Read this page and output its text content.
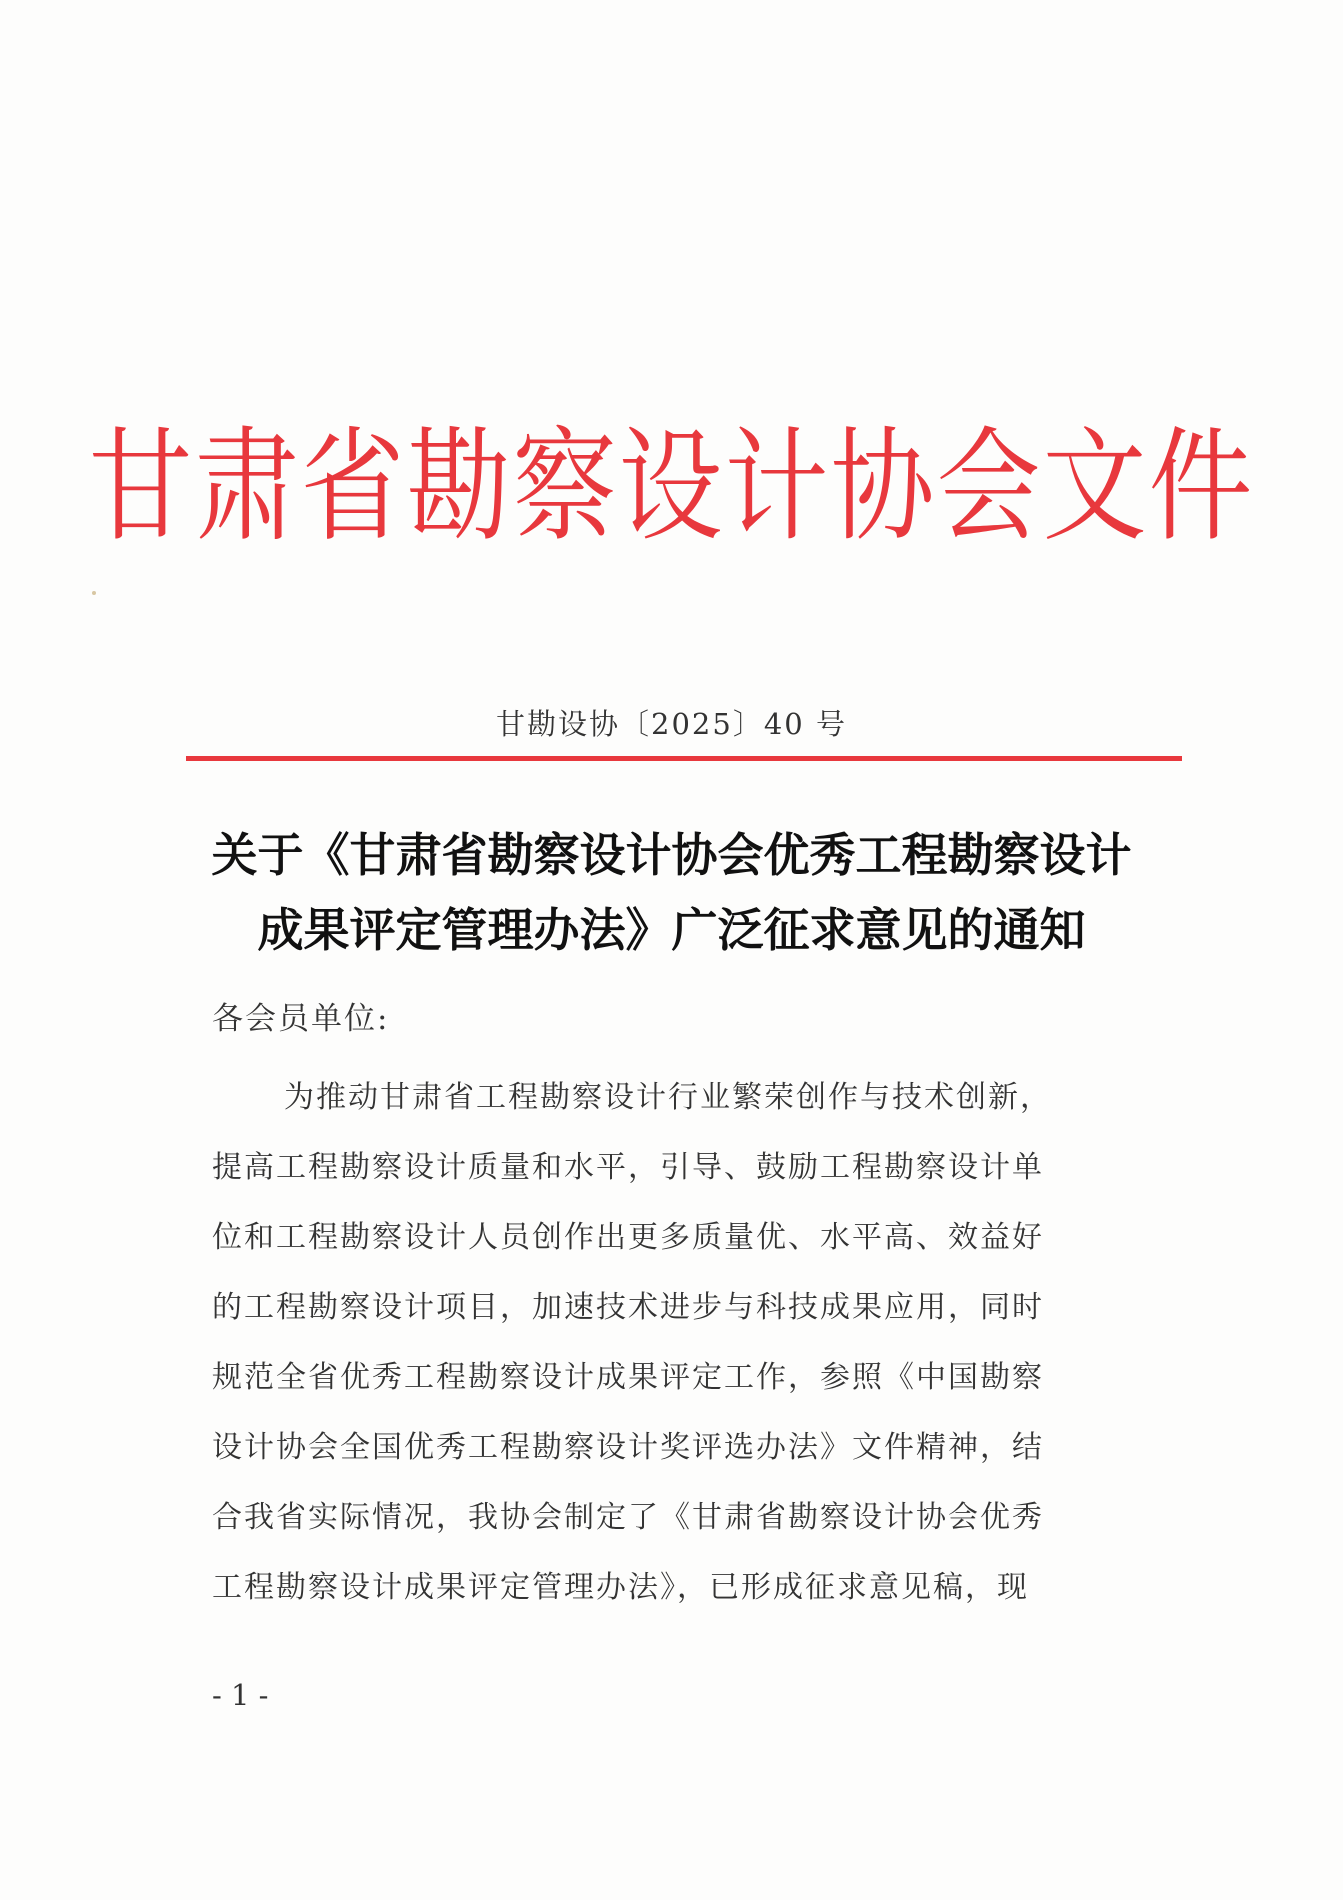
甘肃省勘察设计协会文件
甘勘设协〔2025〕40 号
关于《甘肃省勘察设计协会优秀工程勘察设计
成果评定管理办法》广泛征求意见的通知
各会员单位:
为推动甘肃省工程勘察设计行业繁荣创作与技术创新，
提高工程勘察设计质量和水平，引导、鼓励工程勘察设计单
位和工程勘察设计人员创作出更多质量优、水平高、效益好
的工程勘察设计项目，加速技术进步与科技成果应用，同时
规范全省优秀工程勘察设计成果评定工作，参照《中国勘察
设计协会全国优秀工程勘察设计奖评选办法》文件精神，结
合我省实际情况，我协会制定了《甘肃省勘察设计协会优秀
工程勘察设计成果评定管理办法》，已形成征求意见稿，现
- 1 -
